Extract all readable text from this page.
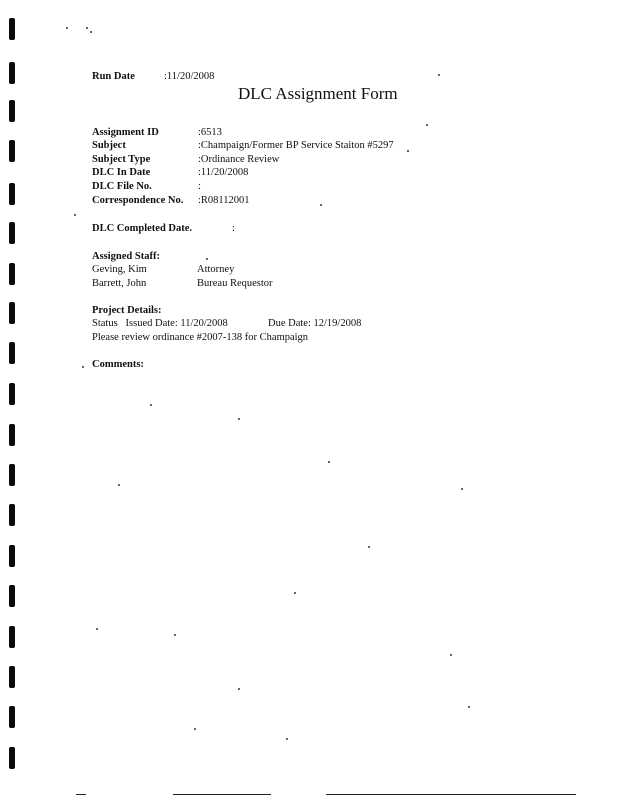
Run Date	:11/20/2008
DLC Assignment Form
Assignment ID	:6513
Subject	:Champaign/Former BP Service Staiton #5297
Subject Type	:Ordinance Review
DLC In Date	:11/20/2008
DLC File No.	:
Correspondence No. :R08112001
DLC Completed Date.	:
Assigned Staff:
Geving, Kim	Attorney
Barrett, John	Bureau Requestor
Project Details:
Status   Issued Date: 11/20/2008	Due Date: 12/19/2008
Please review ordinance #2007-138 for Champaign
Comments:
